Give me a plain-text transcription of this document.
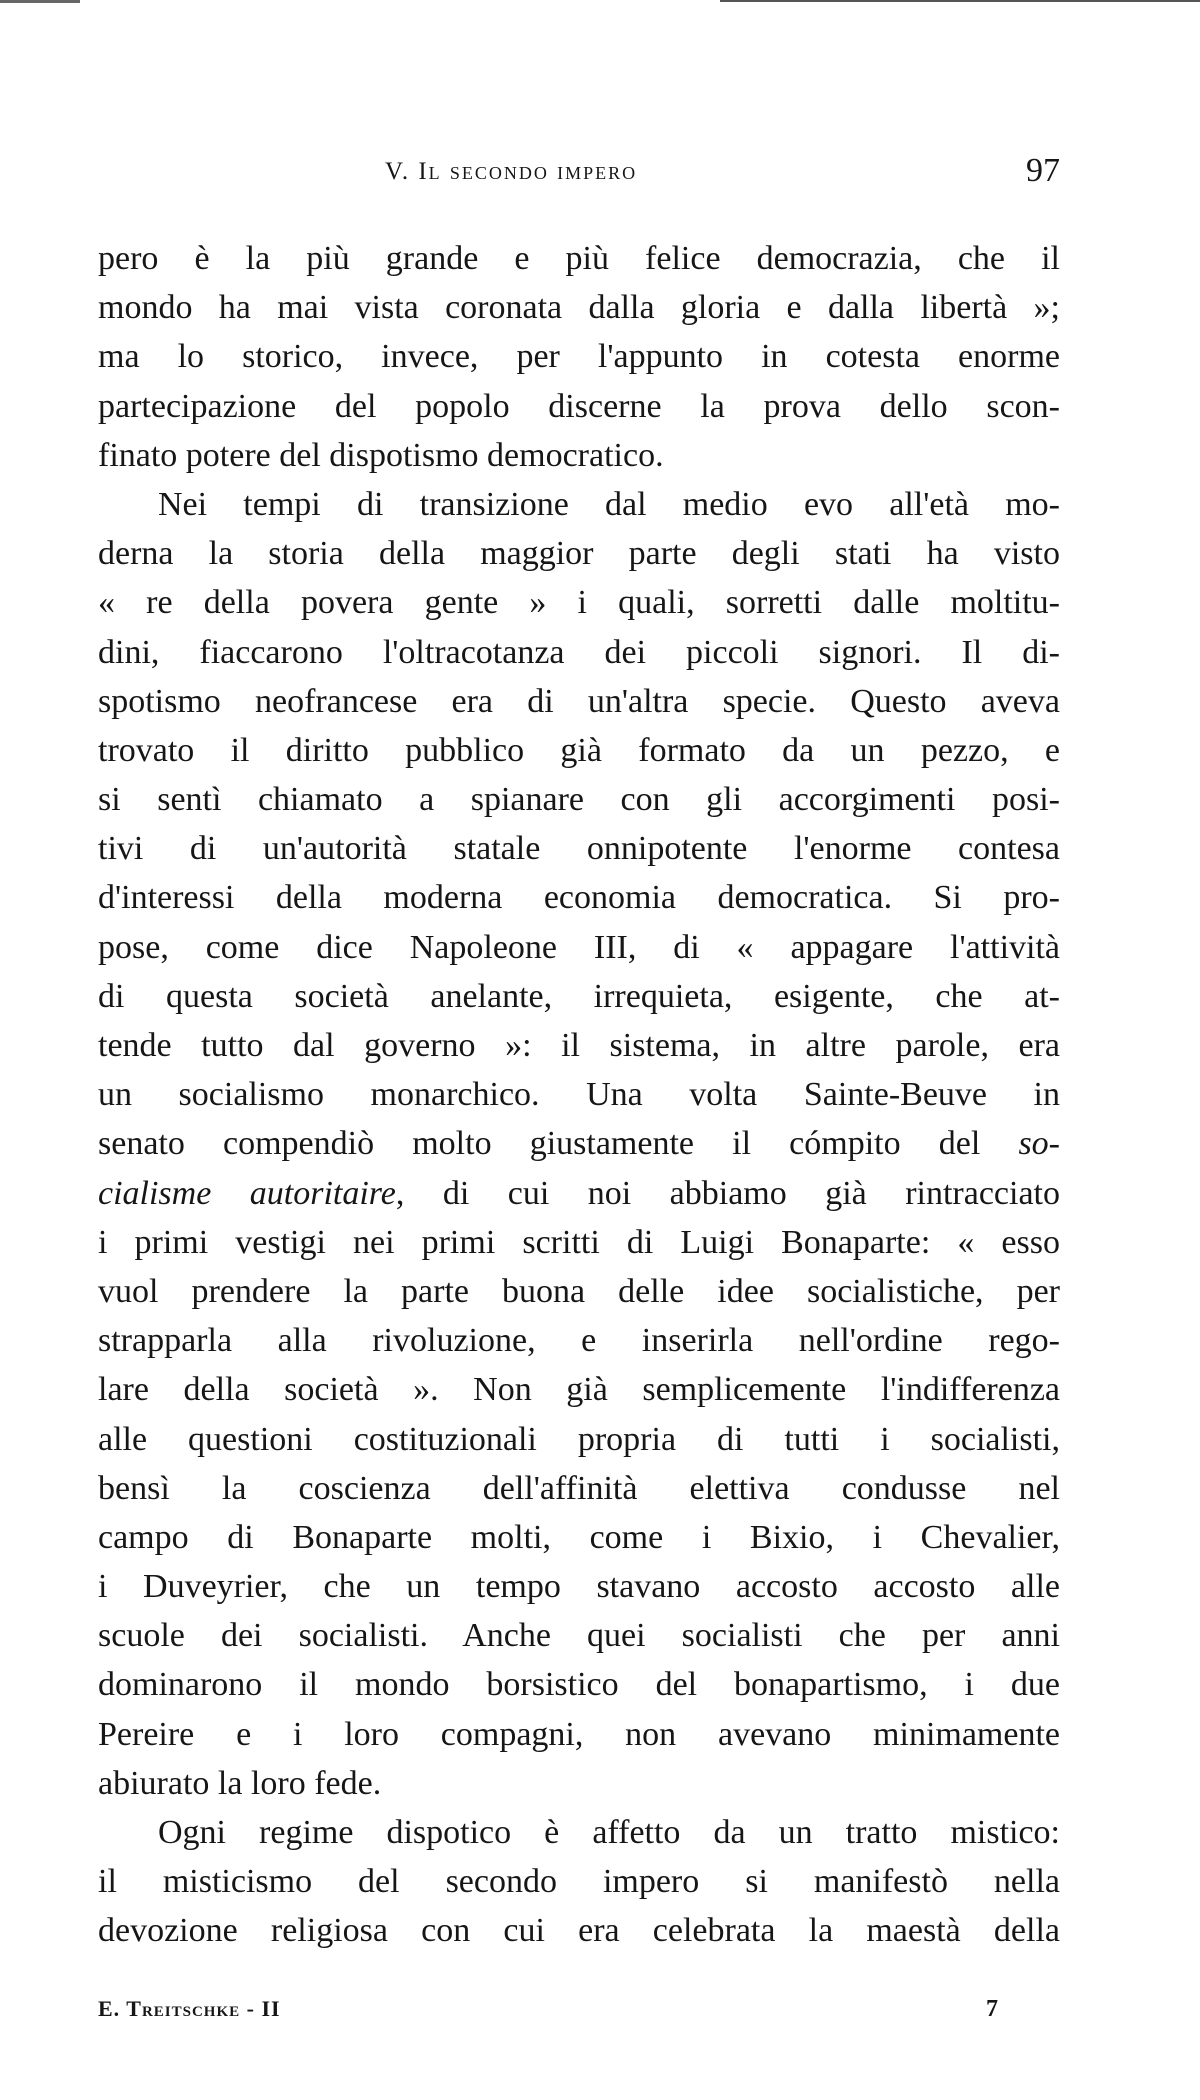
V. Il secondo impero	97
pero è la più grande e più felice democrazia, che il
mondo ha mai vista coronata dalla gloria e dalla libertà »;
ma lo storico, invece, per l'appunto in cotesta enorme
partecipazione del popolo discerne la prova dello scon-
finato potere del dispotismo democratico.
Nei tempi di transizione dal medio evo all'età mo-
derna la storia della maggior parte degli stati ha visto
« re della povera gente » i quali, sorretti dalle moltitu-
dini, fiaccarono l'oltracotanza dei piccoli signori. Il di-
spotismo neofrancese era di un'altra specie. Questo aveva
trovato il diritto pubblico già formato da un pezzo, e
si sentì chiamato a spianare con gli accorgimenti posi-
tivi di un'autorità statale onnipotente l'enorme contesa
d'interessi della moderna economia democratica. Si pro-
pose, come dice Napoleone III, di « appagare l'attività
di questa società anelante, irrequieta, esigente, che at-
tende tutto dal governo »: il sistema, in altre parole, era
un socialismo monarchico. Una volta Sainte-Beuve in
senato compendiò molto giustamente il cómpito del so-
cialisme autoritaire, di cui noi abbiamo già rintracciato
i primi vestigi nei primi scritti di Luigi Bonaparte: « esso
vuol prendere la parte buona delle idee socialistiche, per
strapparla alla rivoluzione, e inserirla nell'ordine rego-
lare della società ». Non già semplicemente l'indifferenza
alle questioni costituzionali propria di tutti i socialisti,
bensì la coscienza dell'affinità elettiva condusse nel
campo di Bonaparte molti, come i Bixio, i Chevalier,
i Duveyrier, che un tempo stavano accosto accosto alle
scuole dei socialisti. Anche quei socialisti che per anni
dominarono il mondo borsistico del bonapartismo, i due
Pereire e i loro compagni, non avevano minimamente
abiurato la loro fede.
Ogni regime dispotico è affetto da un tratto mistico:
il misticismo del secondo impero si manifestò nella
devozione religiosa con cui era celebrata la maestà della
E. Treitschke - II	7
